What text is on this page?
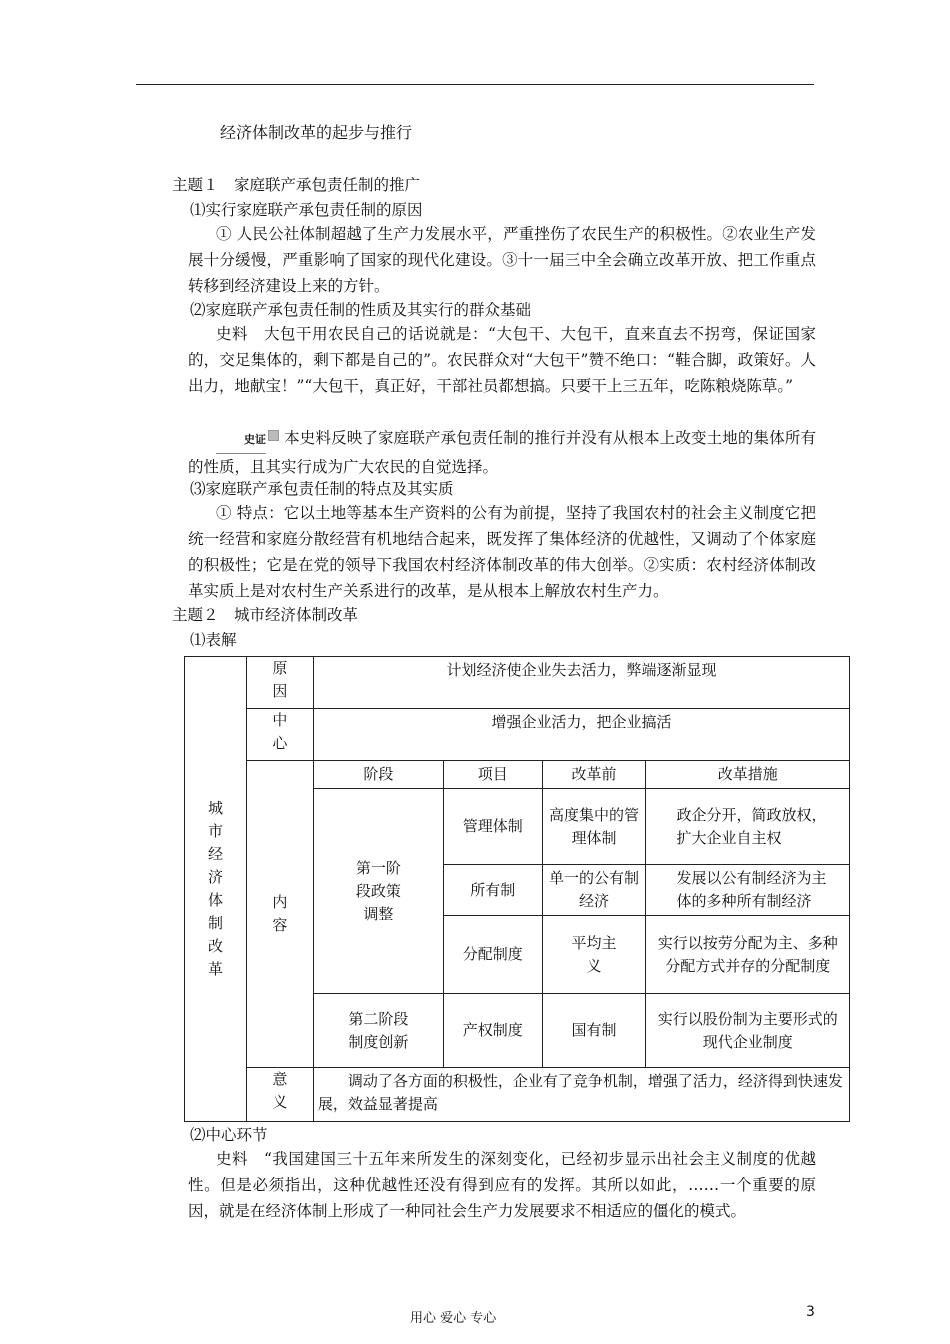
经济体制改革的起步与推行
主题１　家庭联产承包责任制的推广
⑴实行家庭联产承包责任制的原因
① 人民公社体制超越了生产力发展水平，严重挫伤了农民生产的积极性。②农业生产发展十分缓慢，严重影响了国家的现代化建设。③十一届三中全会确立改革开放、把工作重点转移到经济建设上来的方针。
⑵家庭联产承包责任制的性质及其实行的群众基础
史料　大包干用农民自己的话说就是：“大包干、大包干，直来直去不拐弯，保证国家的，交足集体的，剩下都是自己的”。农民群众对“大包干”赞不绝口：“鞋合脚，政策好。人出力，地献宝！”“大包干，真正好，干部社员都想搞。只要干上三五年，吃陈粮烧陈草。”
史证 本史料反映了家庭联产承包责任制的推行并没有从根本上改变土地的集体所有的性质，且其实行成为广大农民的自觉选择。
⑶家庭联产承包责任制的特点及其实质
① 特点：它以土地等基本生产资料的公有为前提，坚持了我国农村的社会主义制度它把统一经营和家庭分散经营有机地结合起来，既发挥了集体经济的优越性，又调动了个体家庭的积极性；它是在党的领导下我国农村经济体制改革的伟大创举。②实质：农村经济体制改革实质上是对农村生产关系进行的改革，是从根本上解放农村生产力。
主题２　城市经济体制改革
⑴表解
城市经济体制改革	原因	计划经济使企业失去活力，弊端逐渐显现			
	中心	增强企业活力，把企业搞活			
	内容	阶段	项目	改革前	改革措施
		第一阶段政策调整	管理体制	高度集中的管理体制	政企分开，简政放权，扩大企业自主权
			所有制	单一的公有制经济	发展以公有制经济为主体的多种所有制经济
			分配制度	平均主义	实行以按劳分配为主、多种分配方式并存的分配制度
		第二阶段制度创新	产权制度	国有制	实行以股份制为主要形式的现代企业制度
	意义	调动了各方面的积极性，企业有了竞争机制，增强了活力，经济得到快速发展，效益显著提高			
⑵中心环节
史料　“我国建国三十五年来所发生的深刻变化，已经初步显示出社会主义制度的优越性。但是必须指出，这种优越性还没有得到应有的发挥。其所以如此，……一个重要的原因，就是在经济体制上形成了一种同社会生产力发展要求不相适应的僵化的模式。
用心 爱心 专心	3
